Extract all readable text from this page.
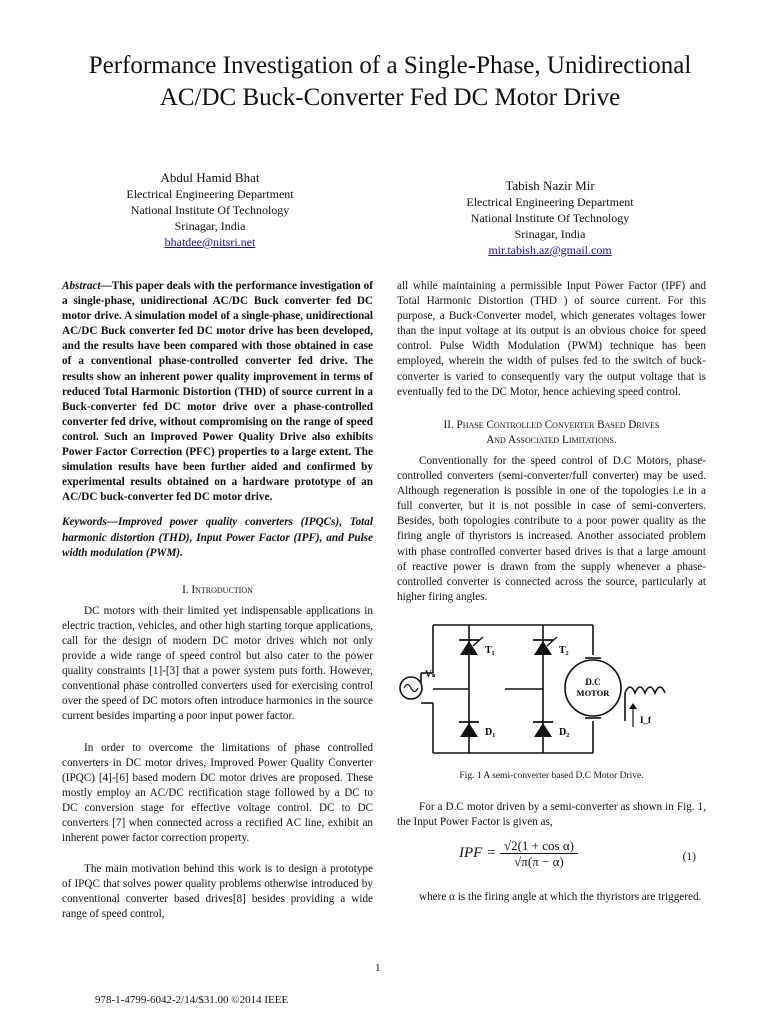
Performance Investigation of a Single-Phase, Unidirectional AC/DC Buck-Converter Fed DC Motor Drive
Abdul Hamid Bhat
Electrical Engineering Department
National Institute Of Technology
Srinagar, India
bhatdee@nitsri.net
Tabish Nazir Mir
Electrical Engineering Department
National Institute Of Technology
Srinagar, India
mir.tabish.az@gmail.com

Abstract—This paper deals with the performance investigation of a single-phase, unidirectional AC/DC Buck converter fed DC motor drive. A simulation model of a single-phase, unidirectional AC/DC Buck converter fed DC motor drive has been developed, and the results have been compared with those obtained in case of a conventional phase-controlled converter fed drive. The results show an inherent power quality improvement in terms of reduced Total Harmonic Distortion (THD) of source current in a Buck-converter fed DC motor drive over a phase-controlled converter fed drive, without compromising on the range of speed control. Such an Improved Power Quality Drive also exhibits Power Factor Correction (PFC) properties to a large extent. The simulation results have been further aided and confirmed by experimental results obtained on a hardware prototype of an AC/DC buck-converter fed DC motor drive.

Keywords—Improved power quality converters (IPQCs), Total harmonic distortion (THD), Input Power Factor (IPF), and Pulse width modulation (PWM).

I. Introduction

DC motors with their limited yet indispensable applications in electric traction, vehicles, and other high starting torque applications, call for the design of modern DC motor drives which not only provide a wide range of speed control but also cater to the power quality constraints [1]-[3] that a power system puts forth. However, conventional phase controlled converters used for exercising control over the speed of DC motors often introduce harmonics in the source current besides imparting a poor input power factor.

In order to overcome the limitations of phase controlled converters in DC motor drives, Improved Power Quality Converter (IPQC) [4]-[6] based modern DC motor drives are proposed. These mostly employ an AC/DC rectification stage followed by a DC to DC conversion stage for effective voltage control. DC to DC converters [7] when connected across a rectified AC line, exhibit an inherent power factor correction property.

The main motivation behind this work is to design a prototype of IPQC that solves power quality problems otherwise introduced by conventional converter based drives[8] besides providing a wide range of speed control,

all while maintaining a permissible Input Power Factor (IPF) and Total Harmonic Distortion (THD ) of source current. For this purpose, a Buck-Converter model, which generates voltages lower than the input voltage at its output is an obvious choice for speed control. Pulse Width Modulation (PWM) technique has been employed, wherein the width of pulses fed to the switch of buck-converter is varied to consequently vary the output voltage that is eventually fed to the DC Motor, hence achieving speed control.

II. Phase Controlled Converter Based Drives

And Associated Limitations.

Conventionally for the speed control of D.C Motors, phase-controlled converters (semi-converter/full converter) may be used. Although regeneration is possible in one of the topologies i.e in a full converter, but it is not possible in case of semi-converters. Besides, both topologies contribute to a poor power quality as the firing angle of thyristors is increased. Another associated problem with phase controlled converter based drives is that a large amount of reactive power is drawn from the supply whenever a phase-controlled converter is connected across the source, particularly at higher firing angles.

T₁	T₂
D₁	D₂
Vₛ
D.C
MOTOR
I_f

Fig. 1 A semi-converter based D.C Motor Drive.

For a D.C motor driven by a semi-converter as shown in Fig. 1, the Input Power Factor is given as,

IPF = $\frac{\text{√2(1 + cos α)}}{√\pi(\pi - \alpha)}$	(1)

where α is the firing angle at which the thyristors are triggered.

1
978-1-4799-6042-2/14/$31.00 ©2014 IEEE
